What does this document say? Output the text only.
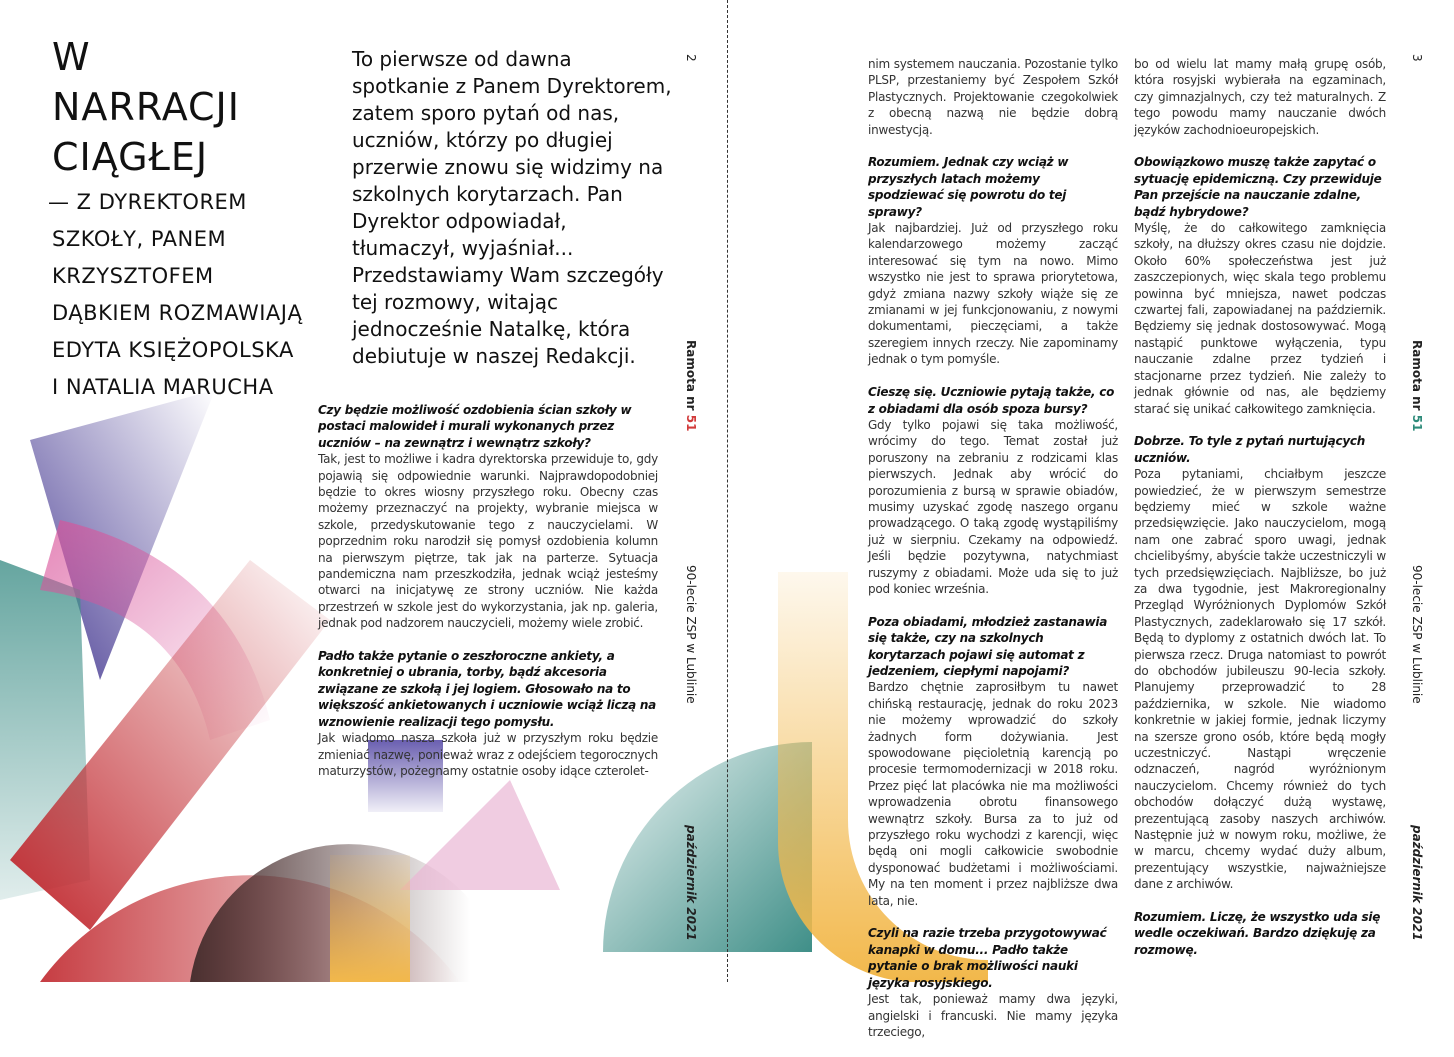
W
NARRACJI
CIĄGŁEJ
— Z DYREKTOREM
SZKOŁY, PANEM
KRZYSZTOFEM
DĄBKIEM ROZMAWIAJĄ
EDYTA KSIĘŻOPOLSKA
I NATALIA MARUCHA
To pierwsze od dawna spotkanie z Panem Dyrektorem, zatem sporo pytań od nas, uczniów, którzy po długiej przerwie znowu się widzimy na szkolnych korytarzach. Pan Dyrektor odpowiadał, tłumaczył, wyjaśniał... Przedstawiamy Wam szczegóły tej rozmowy, witając jednocześnie Natalkę, która debiutuje w naszej Redakcji.

Czy będzie możliwość ozdobienia ścian szkoły w postaci malowideł i murali wykonanych przez uczniów – na zewnątrz i wewnątrz szkoły?
Tak, jest to możliwe i kadra dyrektorska przewiduje to, gdy pojawią się odpowiednie warunki. Najprawdopodobniej będzie to okres wiosny przyszłego roku. Obecny czas możemy przeznaczyć na projekty, wybranie miejsca w szkole, przedyskutowanie tego z nauczycielami. W poprzednim roku narodził się pomysł ozdobienia kolumn na pierwszym piętrze, tak jak na parterze. Sytuacja pandemiczna nam przeszkodziła, jednak wciąż jesteśmy otwarci na inicjatywę ze strony uczniów. Nie każda przestrzeń w szkole jest do wykorzystania, jak np. galeria, jednak pod nadzorem nauczycieli, możemy wiele zrobić.

Padło także pytanie o zeszłoroczne ankiety, a konkretniej o ubrania, torby, bądź akcesoria związane ze szkołą i jej logiem. Głosowało na to większość ankietowanych i uczniowie wciąż liczą na wznowienie realizacji tego pomysłu.
Jak wiadomo nasza szkoła już w przyszłym roku będzie zmieniać nazwę, ponieważ wraz z odejściem tegorocznych maturzystów, pożegnamy ostatnie osoby idące czterolet-

2
Ramota nr 51
90-lecie ZSP w Lublinie
październik 2021

nim systemem nauczania. Pozostanie tylko PLSP, przestaniemy być Zespołem Szkół Plastycznych. Projektowanie czegokolwiek z obecną nazwą nie będzie dobrą inwestycją.

Rozumiem. Jednak czy wciąż w przyszłych latach możemy spodziewać się powrotu do tej sprawy?
Jak najbardziej. Już od przyszłego roku kalendarzowego możemy zacząć interesować się tym na nowo. Mimo wszystko nie jest to sprawa priorytetowa, gdyż zmiana nazwy szkoły wiąże się ze zmianami w jej funkcjonowaniu, z nowymi dokumentami, pieczęciami, a także szeregiem innych rzeczy. Nie zapominamy jednak o tym pomyśle.

Cieszę się. Uczniowie pytają także, co z obiadami dla osób spoza bursy?
Gdy tylko pojawi się taka możliwość, wrócimy do tego. Temat został już poruszony na zebraniu z rodzicami klas pierwszych. Jednak aby wrócić do porozumienia z bursą w sprawie obiadów, musimy uzyskać zgodę naszego organu prowadzącego. O taką zgodę wystąpiliśmy już w sierpniu. Czekamy na odpowiedź. Jeśli będzie pozytywna, natychmiast ruszymy z obiadami. Może uda się to już pod koniec września.

Poza obiadami, młodzież zastanawia się także, czy na szkolnych korytarzach pojawi się automat z jedzeniem, ciepłymi napojami?
Bardzo chętnie zaprosiłbym tu nawet chińską restaurację, jednak do roku 2023 nie możemy wprowadzić do szkoły żadnych form dożywiania. Jest spowodowane pięcioletnią karencją po procesie termomodernizacji w 2018 roku. Przez pięć lat placówka nie ma możliwości wprowadzenia obrotu finansowego wewnątrz szkoły. Bursa za to już od przyszłego roku wychodzi z karencji, więc będą oni mogli całkowicie swobodnie dysponować budżetami i możliwościami. My na ten moment i przez najbliższe dwa lata, nie.

Czyli na razie trzeba przygotowywać kanapki w domu... Padło także pytanie o brak możliwości nauki języka rosyjskiego.
Jest tak, ponieważ mamy dwa języki, angielski i francuski. Nie mamy języka trzeciego,

bo od wielu lat mamy małą grupę osób, która rosyjski wybierała na egzaminach, czy gimnazjalnych, czy też maturalnych. Z tego powodu mamy nauczanie dwóch języków zachodnioeuropejskich.

Obowiązkowo muszę także zapytać o sytuację epidemiczną. Czy przewiduje Pan przejście na nauczanie zdalne, bądź hybrydowe?
Myślę, że do całkowitego zamknięcia szkoły, na dłuższy okres czasu nie dojdzie. Około 60% społeczeństwa jest już zaszczepionych, więc skala tego problemu powinna być mniejsza, nawet podczas czwartej fali, zapowiadanej na październik. Będziemy się jednak dostosowywać. Mogą nastąpić punktowe wyłączenia, typu nauczanie zdalne przez tydzień i stacjonarne przez tydzień. Nie zależy to jednak głównie od nas, ale będziemy starać się unikać całkowitego zamknięcia.

Dobrze. To tyle z pytań nurtujących uczniów.
Poza pytaniami, chciałbym jeszcze powiedzieć, że w pierwszym semestrze będziemy mieć w szkole ważne przedsięwzięcie. Jako nauczycielom, mogą nam one zabrać sporo uwagi, jednak chcielibyśmy, abyście także uczestniczyli w tych przedsięwzięciach. Najbliższe, bo już za dwa tygodnie, jest Makroregionalny Przegląd Wyróżnionych Dyplomów Szkół Plastycznych, zadeklarowało się 17 szkół. Będą to dyplomy z ostatnich dwóch lat. To pierwsza rzecz. Druga natomiast to powrót do obchodów jubileuszu 90-lecia szkoły. Planujemy przeprowadzić to 28 października, w szkole. Nie wiadomo konkretnie w jakiej formie, jednak liczymy na szersze grono osób, które będą mogły uczestniczyć. Nastąpi wręczenie odznaczeń, nagród wyróżnionym nauczycielom. Chcemy również do tych obchodów dołączyć dużą wystawę, prezentującą zasoby naszych archiwów. Następnie już w nowym roku, możliwe, że w marcu, chcemy wydać duży album, prezentujący wszystkie, najważniejsze dane z archiwów.

Rozumiem. Liczę, że wszystko uda się wedle oczekiwań. Bardzo dziękuję za rozmowę.

3
Ramota nr 51
90-lecie ZSP w Lublinie
październik 2021
